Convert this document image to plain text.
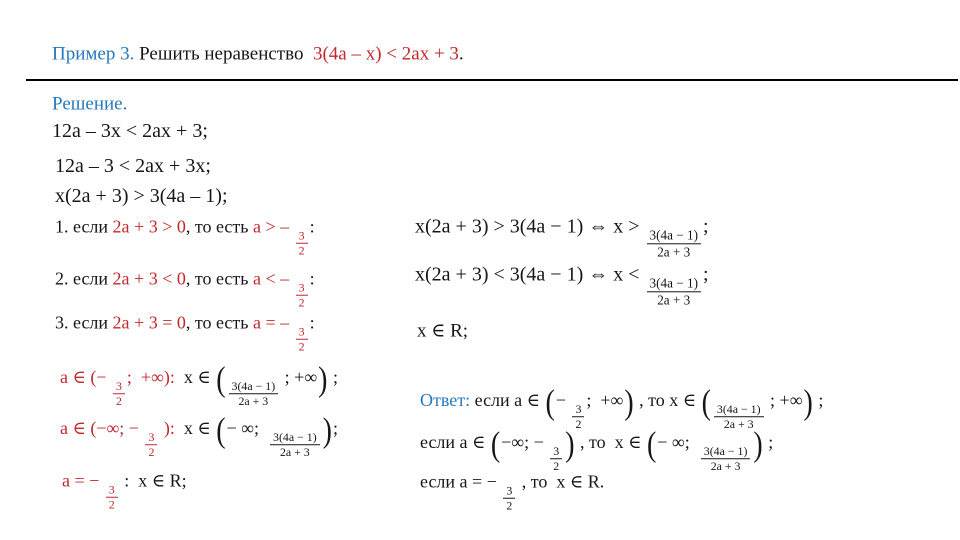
Пример 3. Решить неравенство  3(4a – x) < 2ax + 3.
Решение.
12a – 3x < 2ax + 3;
12a – 3 < 2ax + 3x;
x(2a + 3) > 3(4a – 1);
1. если 2a + 3 > 0, то есть a > –
$\frac{3}{2}$
:	x(2a + 3) > 3(4a − 1) ⇔ x >
$\frac{3(4a - 1)}{2a + 3}$
;
2. если 2a + 3 < 0, то есть a < –
$\frac{3}{2}$
:	x(2a + 3) < 3(4a − 1) ⇔ x <
$\frac{3(4a - 1)}{2a + 3}$
;
3. если 2a + 3 = 0, то есть a = –
$\frac{3}{2}$
:	x ∈ R;
a ∈ (−
$\frac{3}{2}$
;  +∞):  x ∈ ( $\frac{3(4a - 1)}{2a + 3}$
; +∞) ;
a ∈ (−∞; −
$\frac{3}{2}$
):  x ∈ (− ∞;
$\frac{3(4a - 1)}{2a + 3}$ );
a = −
$\frac{3}{2}$
:  x ∈ R;
Ответ: если a ∈ (−
$\frac{3}{2}$
;  +∞) , то x ∈ ( $\frac{3(4a - 1)}{2a + 3}$
; +∞) ;
если a ∈ (−∞; −
$\frac{3}{2}$ ) , то  x ∈ (− ∞;
$\frac{3(4a - 1)}{2a + 3}$ ) ;
если a = −
$\frac{3}{2}$
, то  x ∈ R.
